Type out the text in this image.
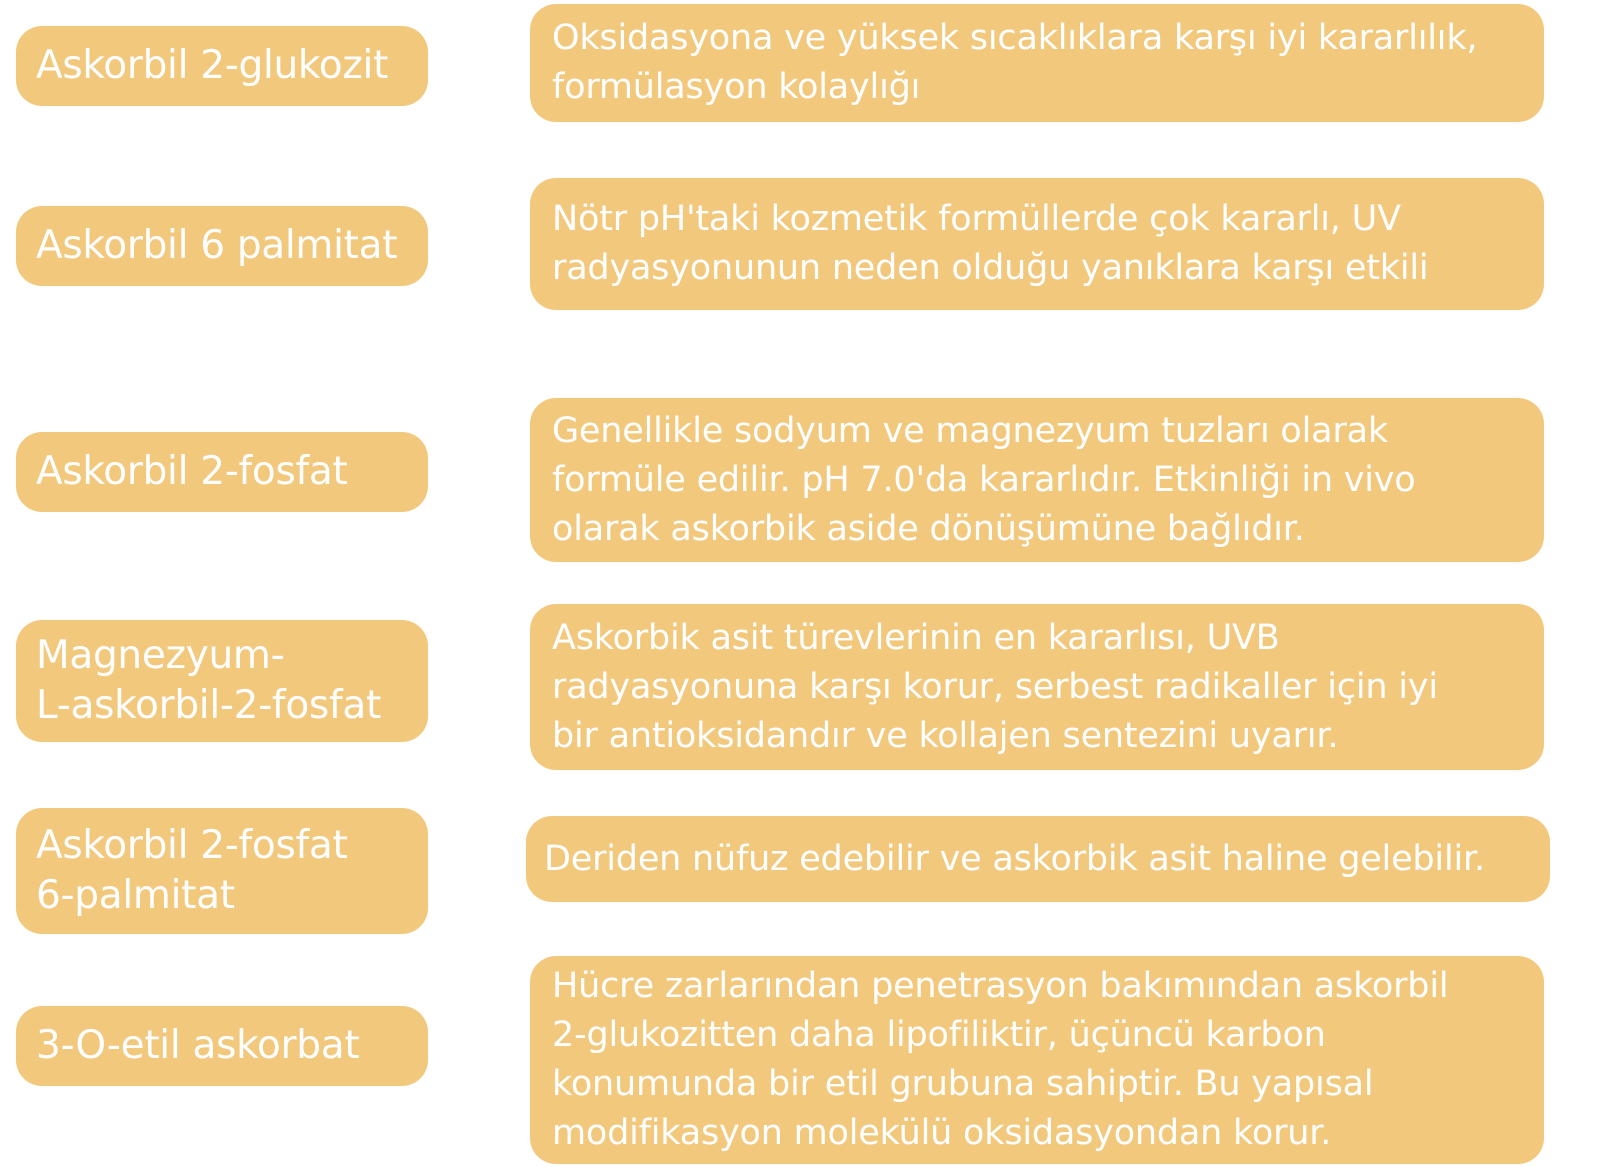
Askorbil 2-glukozit
Oksidasyona ve yüksek sıcaklıklara karşı iyi kararlılık,
formülasyon kolaylığı
Askorbil 6 palmitat
Nötr pH'taki kozmetik formüllerde çok kararlı, UV
radyasyonunun neden olduğu yanıklara karşı etkili
Askorbil 2-fosfat
Genellikle sodyum ve magnezyum tuzları olarak
formüle edilir. pH 7.0'da kararlıdır. Etkinliği in vivo
olarak askorbik aside dönüşümüne bağlıdır.
Magnezyum-
L-askorbil-2-fosfat
Askorbik asit türevlerinin en kararlısı, UVB
radyasyonuna karşı korur, serbest radikaller için iyi
bir antioksidandır ve kollajen sentezini uyarır.
Askorbil 2-fosfat
6-palmitat
Deriden nüfuz edebilir ve askorbik asit haline gelebilir.
3-O-etil askorbat
Hücre zarlarından penetrasyon bakımından askorbil
2-glukozitten daha lipofiliktir, üçüncü karbon
konumunda bir etil grubuna sahiptir. Bu yapısal
modifikasyon molekülü oksidasyondan korur.
